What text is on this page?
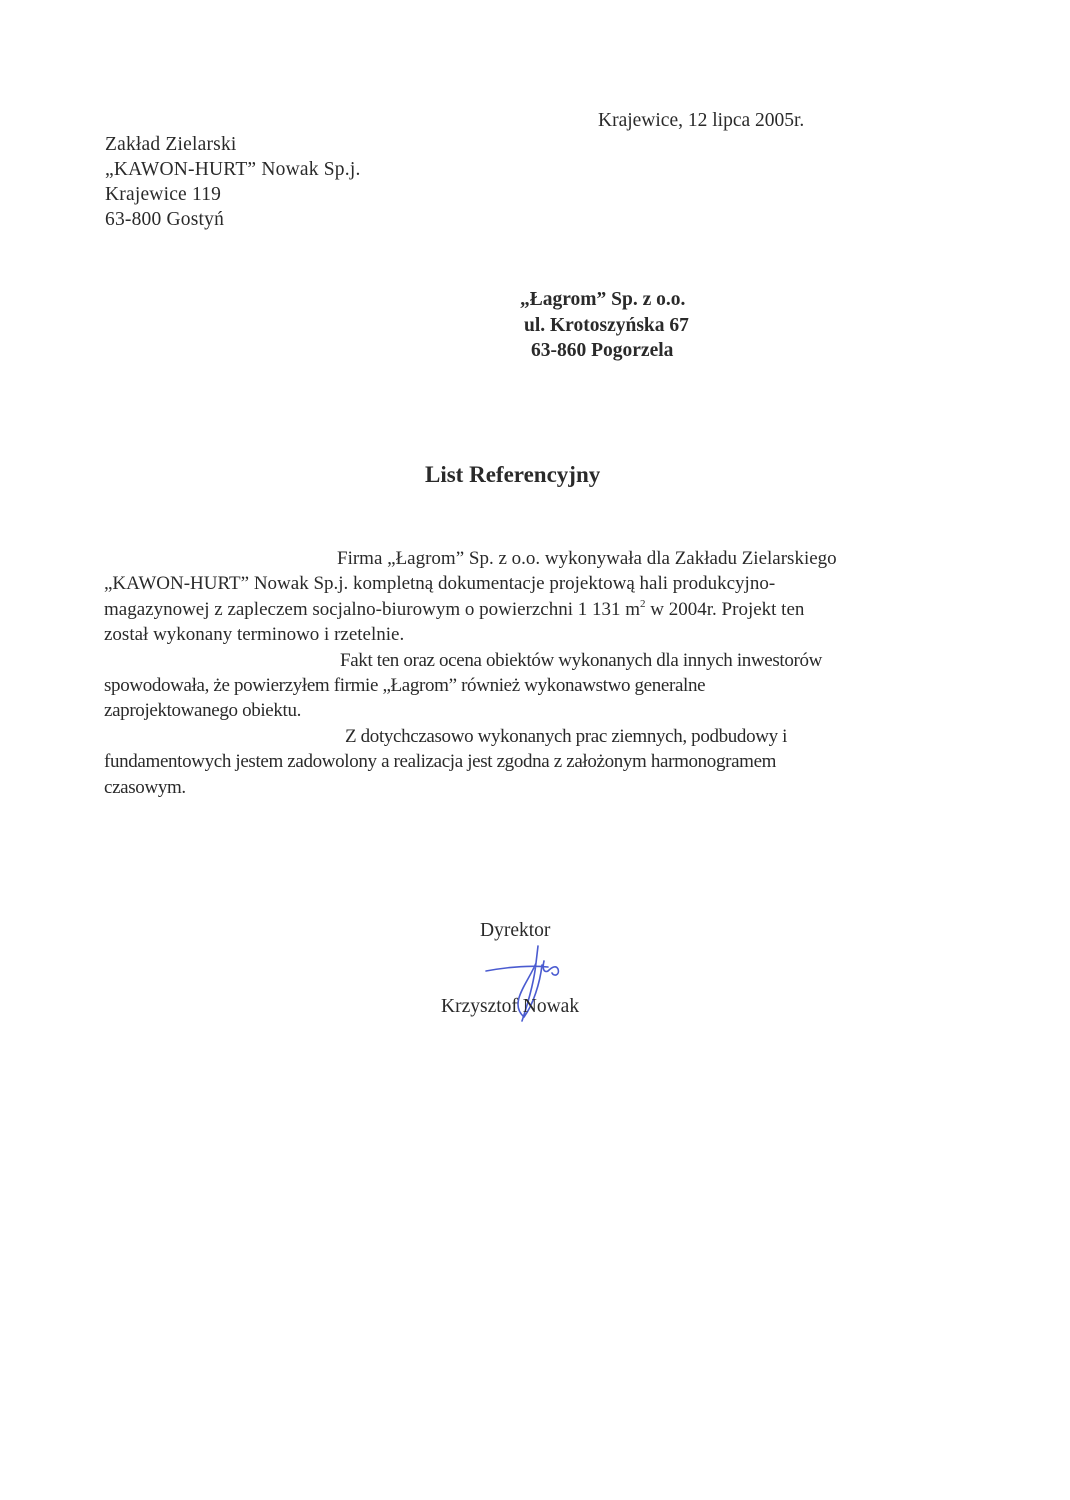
Zakład Zielarski
„KAWON-HURT” Nowak Sp.j.
Krajewice 119
63-800 Gostyń
Krajewice, 12 lipca 2005r.
„Łagrom” Sp. z o.o.
ul. Krotoszyńska 67
63-860 Pogorzela
List Referencyjny
Firma „Łagrom” Sp. z o.o. wykonywała dla Zakładu Zielarskiego
„KAWON-HURT” Nowak Sp.j. kompletną dokumentacje projektową hali produkcyjno-
magazynowej z zapleczem socjalno-biurowym o powierzchni 1 131 $m^2$ w 2004r. Projekt ten
został wykonany terminowo i rzetelnie.
Fakt ten oraz ocena obiektów wykonanych dla innych inwestorów
spowodowała, że powierzyłem firmie „Łagrom” również wykonawstwo generalne
zaprojektowanego obiektu.
Z dotychczasowo wykonanych prac ziemnych, podbudowy i
fundamentowych jestem zadowolony a realizacja jest zgodna z założonym harmonogramem
czasowym.
Dyrektor
Krzysztof Nowak
